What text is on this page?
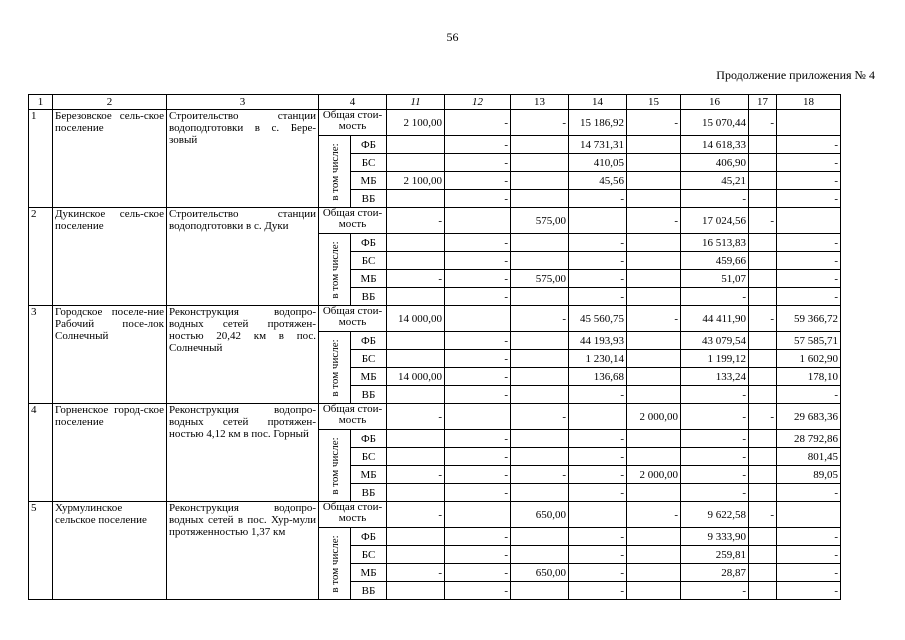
56
Продолжение приложения № 4
1	2	3	4		11	12	13	14	15	16	17	18
1	Березовское сель-ское поселение	Строительство станции водоподготовки в с. Бере-зовый	Общая стои-мость		2 100,00	-	-	15 186,92	-	15 070,44	-	

			в том числе:	ФБ		-		14 731,31		14 618,33		-
				БС		-		410,05		406,90		-
				МБ	2 100,00	-		45,56		45,21		-
				ВБ		-		-		-		-
2	Дукинское сель-ское поселение	Строительство станции водоподготовки в с. Дуки	Общая стои-мость		-		575,00		-	17 024,56	-	

			в том числе:	ФБ		-		-		16 513,83		-
				БС		-		-		459,66		-
				МБ	-	-	575,00	-		51,07		-
				ВБ		-		-		-		-
3	Городское поселе-ние Рабочий посе-лок Солнечный	Реконструкция водопро-водных сетей протяжен-ностью 20,42 км в пос. Солнечный	Общая стои-мость		14 000,00		-	45 560,75	-	44 411,90	-	59 366,72

			в том числе:	ФБ		-		44 193,93		43 079,54		57 585,71
				БС		-		1 230,14		1 199,12		1 602,90
				МБ	14 000,00	-		136,68		133,24		178,10
				ВБ		-		-		-		-
4	Горненское город-ское поселение	Реконструкция водопро-водных сетей протяжен-ностью 4,12 км в пос. Горный	Общая стои-мость		-		-		2 000,00	-	-	29 683,36

			в том числе:	ФБ		-		-		-		28 792,86
				БС		-		-		-		801,45
				МБ	-	-	-	-	2 000,00	-		89,05
				ВБ		-		-		-		-
5	Хурмулинское сельское поселение	Реконструкция водопро-водных сетей в пос. Хур-мули протяженностью 1,37 км	Общая стои-мость		-		650,00		-	9 622,58	-	

			в том числе:	ФБ		-		-		9 333,90		-
				БС		-		-		259,81		-
				МБ	-	-	650,00	-		28,87		-
				ВБ		-		-		-		-
